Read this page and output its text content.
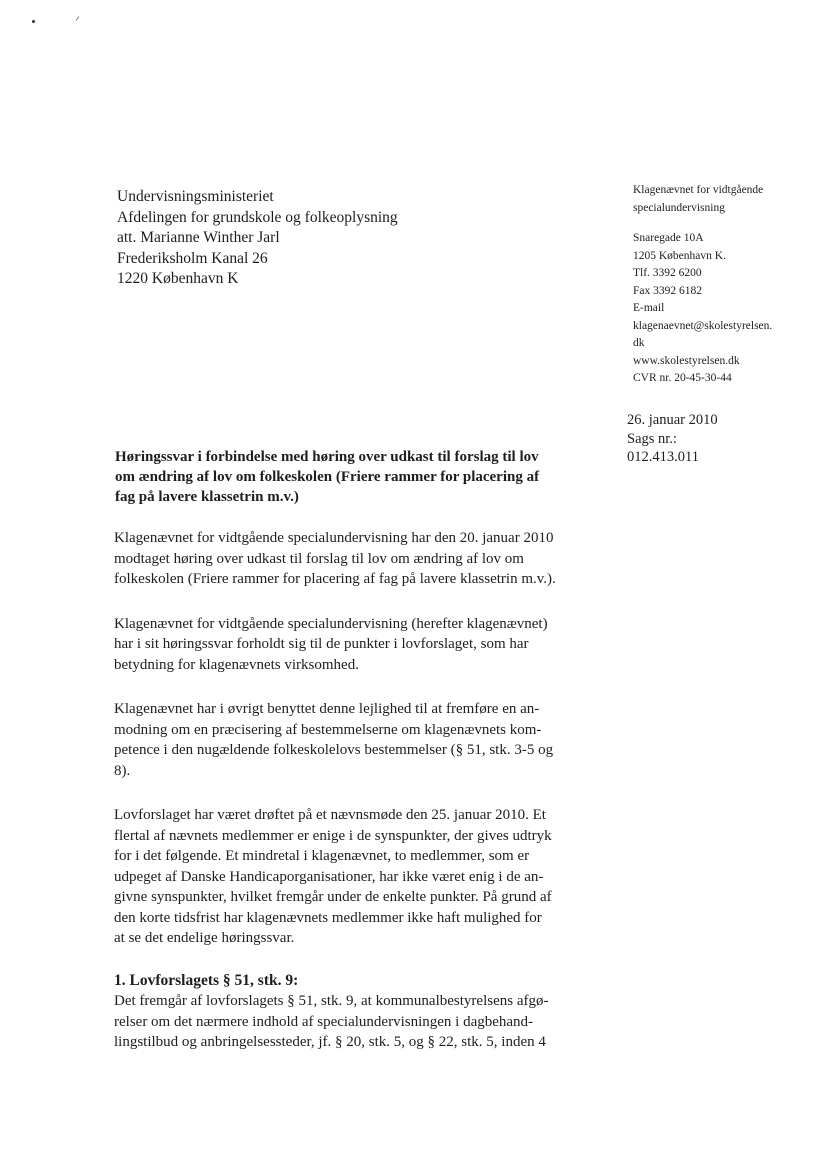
Undervisningsministeriet
Afdelingen for grundskole og folkeoplysning
att. Marianne Winther Jarl
Frederiksholm Kanal 26
1220 København K
Klagenævnet for vidtgående
specialundervisning
Snaregade 10A
1205 København K.
Tlf. 3392 6200
Fax 3392 6182
E-mail
klagenaevnet@skolestyrelsen.
dk
www.skolestyrelsen.dk
CVR nr. 20-45-30-44
26. januar 2010
Sags nr.:
012.413.011
Høringssvar i forbindelse med høring over udkast til forslag til lov
om ændring af lov om folkeskolen (Friere rammer for placering af
fag på lavere klassetrin m.v.)
Klagenævnet for vidtgående specialundervisning har den 20. januar 2010
modtaget høring over udkast til forslag til lov om ændring af lov om
folkeskolen (Friere rammer for placering af fag på lavere klassetrin m.v.).
Klagenævnet for vidtgående specialundervisning (herefter klagenævnet)
har i sit høringssvar forholdt sig til de punkter i lovforslaget, som har
betydning for klagenævnets virksomhed.
Klagenævnet har i øvrigt benyttet denne lejlighed til at fremføre en an-
modning om en præcisering af bestemmelserne om klagenævnets kom-
petence i den nugældende folkeskolelovs bestemmelser (§ 51, stk. 3-5 og
8).
Lovforslaget har været drøftet på et nævnsmøde den 25. januar 2010. Et
flertal af nævnets medlemmer er enige i de synspunkter, der gives udtryk
for i det følgende. Et mindretal i klagenævnet, to medlemmer, som er
udpeget af Danske Handicaporganisationer, har ikke været enig i de an-
givne synspunkter, hvilket fremgår under de enkelte punkter. På grund af
den korte tidsfrist har klagenævnets medlemmer ikke haft mulighed for
at se det endelige høringssvar.
1. Lovforslagets § 51, stk. 9:
Det fremgår af lovforslagets § 51, stk. 9, at kommunalbestyrelsens afgø-
relser om det nærmere indhold af specialundervisningen i dagbehand-
lingstilbud og anbringelsessteder, jf. § 20, stk. 5, og § 22, stk. 5, inden 4
